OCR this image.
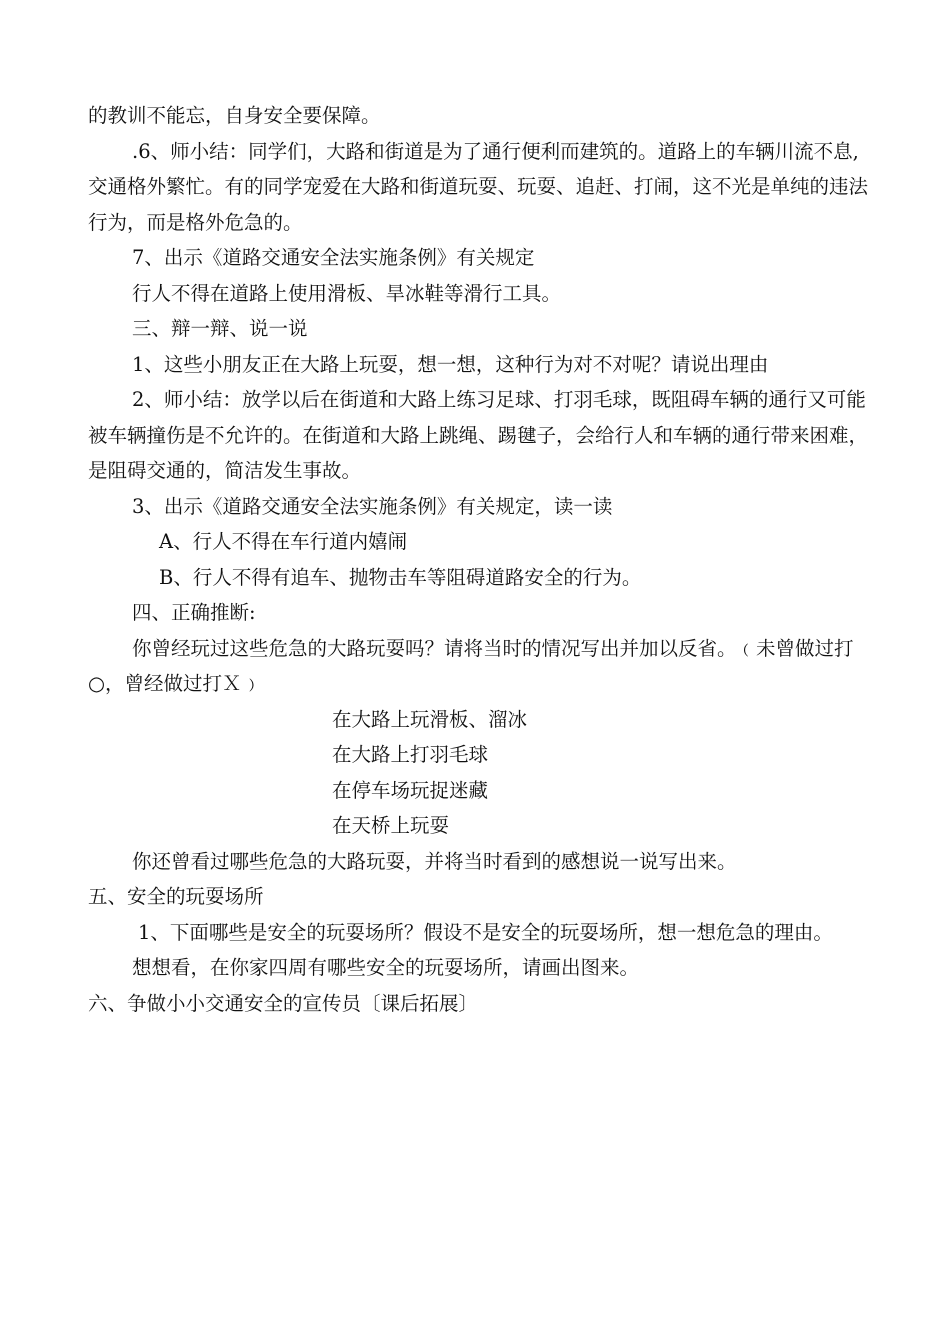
的教训不能忘，自身安全要保障。

.6、师小结：同学们，大路和街道是为了通行便利而建筑的。道路上的车辆川流不息,交通格外繁忙。有的同学宠爱在大路和街道玩耍、玩耍、追赶、打闹，这不光是单纯的违法行为，而是格外危急的。

7、出示《道路交通安全法实施条例》有关规定

行人不得在道路上使用滑板、旱冰鞋等滑行工具。

三、辩一辩、说一说

1、这些小朋友正在大路上玩耍，想一想，这种行为对不对呢？请说出理由

2、师小结：放学以后在街道和大路上练习足球、打羽毛球，既阻碍车辆的通行又可能被车辆撞伤是不允许的。在街道和大路上跳绳、踢毽子，会给行人和车辆的通行带来困难，是阻碍交通的，简洁发生事故。

3、出示《道路交通安全法实施条例》有关规定，读一读

A、行人不得在车行道内嬉闹

B、行人不得有追车、抛物击车等阻碍道路安全的行为。

四、正确推断:

你曾经玩过这些危急的大路玩耍吗？请将当时的情况写出并加以反省。﹙未曾做过打○，曾经做过打Ｘ﹚

在大路上玩滑板、溜冰

在大路上打羽毛球

在停车场玩捉迷藏

在天桥上玩耍

你还曾看过哪些危急的大路玩耍，并将当时看到的感想说一说写出来。

五、安全的玩耍场所

1、下面哪些是安全的玩耍场所？假设不是安全的玩耍场所，想一想危急的理由。

想想看，在你家四周有哪些安全的玩耍场所，请画出图来。

六、争做小小交通安全的宣传员〔课后拓展〕
